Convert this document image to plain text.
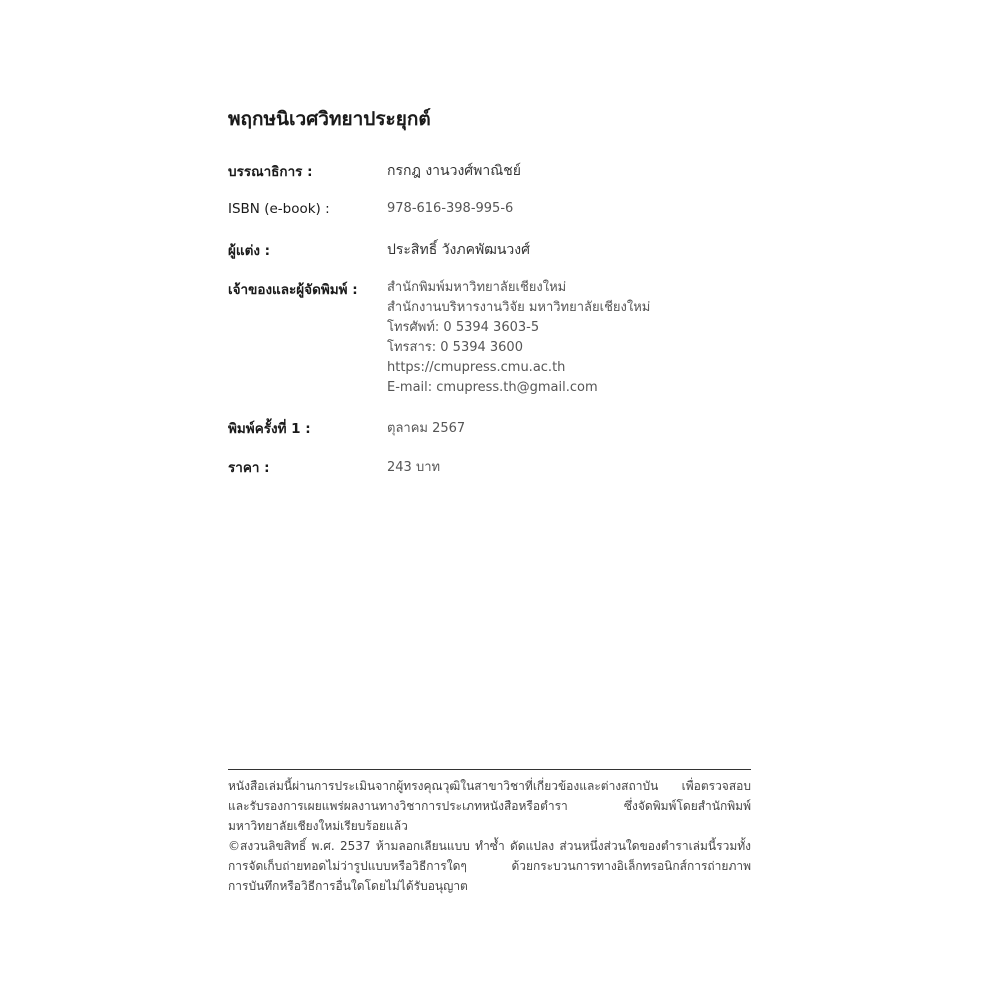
พฤกษนิเวศวิทยาประยุกต์
บรรณาธิการ :	กรกฎ งานวงศ์พาณิชย์
ISBN (e-book) :	978-616-398-995-6
ผู้แต่ง :	ประสิทธิ์ วังภคพัฒนวงศ์
เจ้าของและผู้จัดพิมพ์ : สำนักพิมพ์มหาวิทยาลัยเชียงใหม่
สำนักงานบริหารงานวิจัย มหาวิทยาลัยเชียงใหม่
โทรศัพท์: 0 5394 3603-5
โทรสาร: 0 5394 3600
https://cmupress.cmu.ac.th
E-mail: cmupress.th@gmail.com
พิมพ์ครั้งที่ 1 :	ตุลาคม 2567
ราคา :	243 บาท
หนังสือเล่มนี้ผ่านการประเมินจากผู้ทรงคุณวุฒิในสาขาวิชาที่เกี่ยวข้องและต่างสถาบัน เพื่อตรวจสอบ
และรับรองการเผยแพร่ผลงานทางวิชาการประเภทหนังสือหรือตำรา ซึ่งจัดพิมพ์โดยสำนักพิมพ์
มหาวิทยาลัยเชียงใหม่เรียบร้อยแล้ว
©สงวนลิขสิทธิ์ พ.ศ. 2537 ห้ามลอกเลียนแบบ ทำซ้ำ ดัดแปลง ส่วนหนึ่งส่วนใดของตำราเล่มนี้รวมทั้ง
การจัดเก็บถ่ายทอดไม่ว่ารูปแบบหรือวิธีการใดๆ ด้วยกระบวนการทางอิเล็กทรอนิกส์การถ่ายภาพ
การบันทึกหรือวิธีการอื่นใดโดยไม่ได้รับอนุญาต
